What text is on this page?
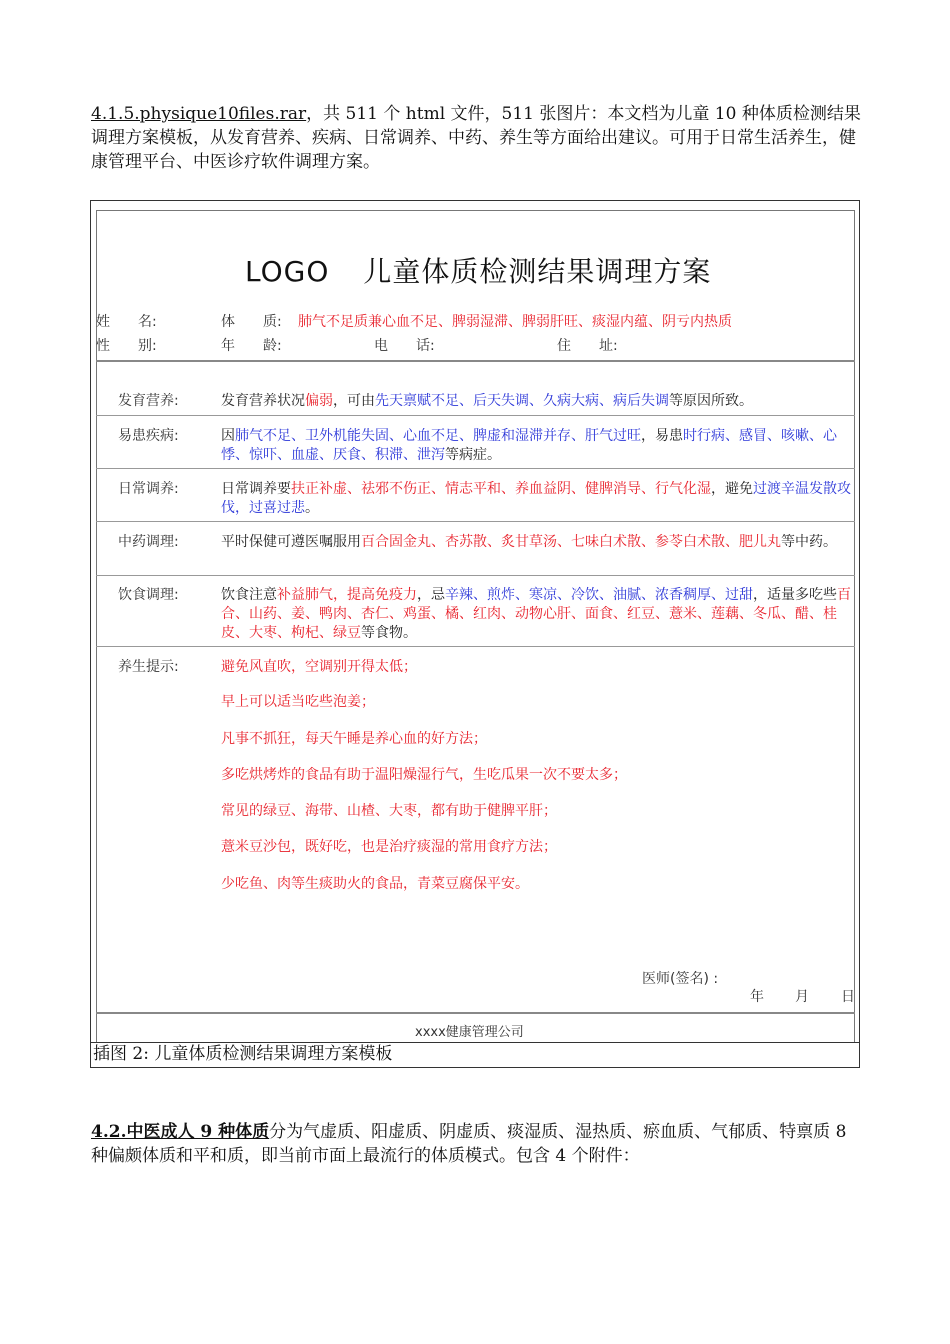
4.1.5.physique10files.rar，共 511 个 html 文件，511 张图片：本文档为儿童 10 种体质检测结果调理方案模板，从发育营养、疾病、日常调养、中药、养生等方面给出建议。可用于日常生活养生，健康管理平台、中医诊疗软件调理方案。
LOGO 儿童体质检测结果调理方案
姓　　名:	体　　质: 肺气不足质兼心血不足、脾弱湿滞、脾弱肝旺、痰湿内蕴、阴亏内热质
性　　别:	年　　龄:	电　　话:	住　　址:
发育营养:	发育营养状况偏弱，可由先天禀赋不足、后天失调、久病大病、病后失调等原因所致。
易患疾病:	因肺气不足、卫外机能失固、心血不足、脾虚和湿滞并存、肝气过旺，易患时行病、感冒、咳嗽、心悸、惊吓、血虚、厌食、积滞、泄泻等病症。
日常调养:	日常调养要扶正补虚、祛邪不伤正、情志平和、养血益阴、健脾消导、行气化湿，避免过渡辛温发散攻伐，过喜过悲。
中药调理:	平时保健可遵医嘱服用百合固金丸、杏苏散、炙甘草汤、七味白术散、参苓白术散、肥儿丸等中药。
饮食调理:	饮食注意补益肺气，提高免疫力，忌辛辣、煎炸、寒凉、冷饮、油腻、浓香稠厚、过甜，适量多吃些百合、山药、姜、鸭肉、杏仁、鸡蛋、橘、红肉、动物心肝、面食、红豆、薏米、莲藕、冬瓜、醋、桂皮、大枣、枸杞、绿豆等食物。
养生提示:	避免风直吹，空调别开得太低；
早上可以适当吃些泡姜；
凡事不抓狂，每天午睡是养心血的好方法；
多吃烘烤炸的食品有助于温阳燥湿行气，生吃瓜果一次不要太多；
常见的绿豆、海带、山楂、大枣，都有助于健脾平肝；
薏米豆沙包，既好吃，也是治疗痰湿的常用食疗方法；
少吃鱼、肉等生痰助火的食品，青菜豆腐保平安。
医师(签名) :
年 月 日
xxxx健康管理公司
插图 2: 儿童体质检测结果调理方案模板
4.2.中医成人 9 种体质分为气虚质、阳虚质、阴虚质、痰湿质、湿热质、瘀血质、气郁质、特禀质 8 种偏颇体质和平和质，即当前市面上最流行的体质模式。包含 4 个附件：
